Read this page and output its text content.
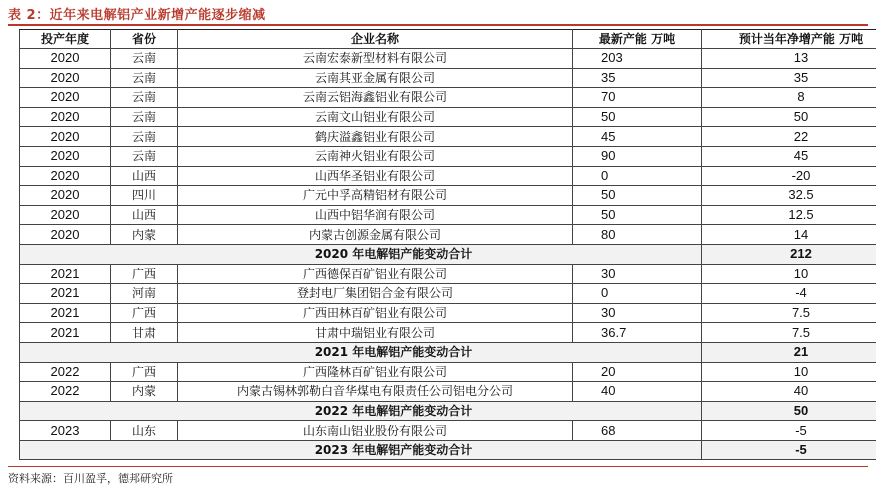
表 2：近年来电解铝产业新增产能逐步缩减
投产年度	省份	企业名称	最新产能 万吨	预计当年净增产能 万吨
2020	云南	云南宏泰新型材料有限公司	203	13
2020	云南	云南其亚金属有限公司	35	35
2020	云南	云南云铝海鑫铝业有限公司	70	8
2020	云南	云南文山铝业有限公司	50	50
2020	云南	鹤庆溢鑫铝业有限公司	45	22
2020	云南	云南神火铝业有限公司	90	45
2020	山西	山西华圣铝业有限公司	0	-20
2020	四川	广元中孚高精铝材有限公司	50	32.5
2020	山西	山西中铝华润有限公司	50	12.5
2020	内蒙	内蒙古创源金属有限公司	80	14
2020 年电解铝产能变动合计				212
2021	广西	广西德保百矿铝业有限公司	30	10
2021	河南	登封电厂集团铝合金有限公司	0	-4
2021	广西	广西田林百矿铝业有限公司	30	7.5
2021	甘肃	甘肃中瑞铝业有限公司	36.7	7.5
2021 年电解铝产能变动合计				21
2022	广西	广西隆林百矿铝业有限公司	20	10
2022	内蒙	内蒙古锡林郭勒白音华煤电有限责任公司铝电分公司	40	40
2022 年电解铝产能变动合计				50
2023	山东	山东南山铝业股份有限公司	68	-5
2023 年电解铝产能变动合计				-5
资料来源：百川盈孚，德邦研究所
